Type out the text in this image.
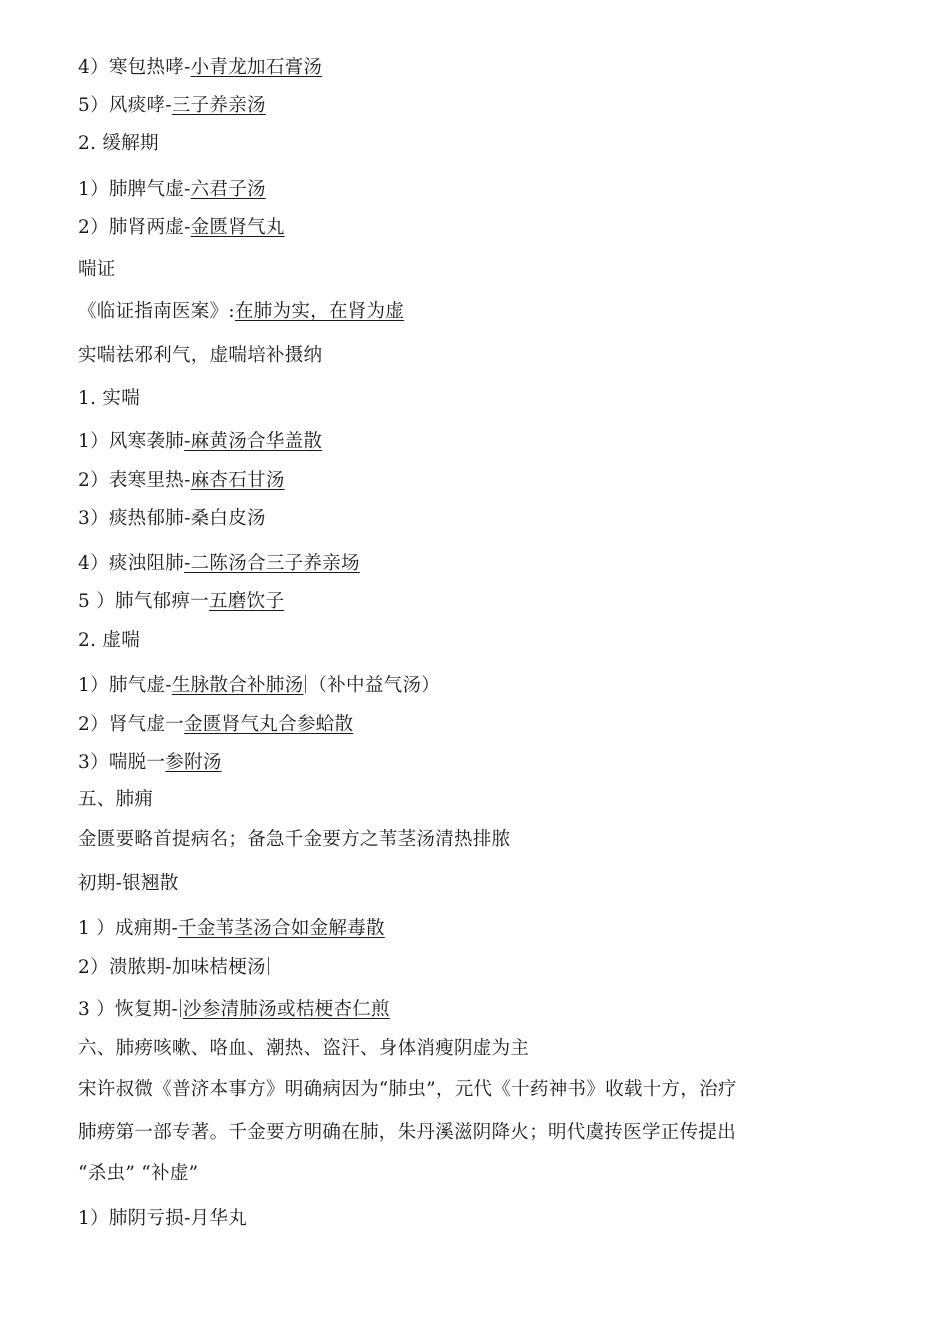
4）寒包热哮-小青龙加石膏汤
5）风痰哮-三子养亲汤
2. 缓解期
1）肺脾气虚-六君子汤
2）肺肾两虚-金匮肾气丸
喘证
《临证指南医案》:在肺为实，在肾为虚
实喘祛邪利气，虚喘培补摄纳
1. 实喘
1）风寒袭肺-麻黄汤合华盖散
2）表寒里热-麻杏石甘汤
3）痰热郁肺-桑白皮汤
4）痰浊阻肺-二陈汤合三子养亲场
5 ）肺气郁痹一五磨饮子
2. 虚喘
1）肺气虚-生脉散合补肺汤 （补中益气汤）
2）肾气虚一金匮肾气丸合参蛤散
3）喘脱一参附汤
五、肺痈
金匮要略首提病名；备急千金要方之苇茎汤清热排脓
初期-银翘散
1 ）成痈期-千金苇茎汤合如金解毒散
2）溃脓期-加味桔梗汤
3 ）恢复期- 沙参清肺汤或桔梗杏仁煎
六、肺痨咳嗽、咯血、潮热、盗汗、身体消瘦阴虚为主
宋许叔微《普济本事方》明确病因为“肺虫”，元代《十药神书》收载十方，治疗
肺痨第一部专著。千金要方明确在肺，朱丹溪滋阴降火；明代虞抟医学正传提出
“杀虫” “补虚”
1）肺阴亏损-月华丸
